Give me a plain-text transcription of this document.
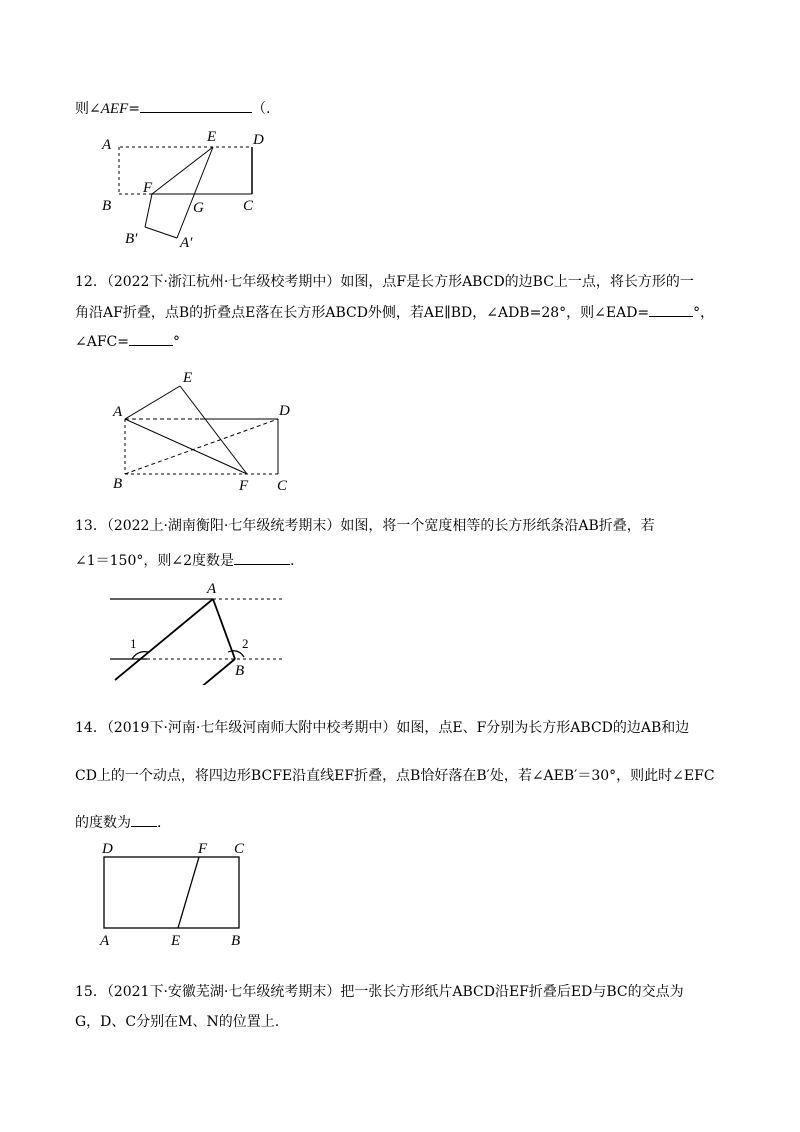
则∠AEF=	（.
A	E D
F
B	G	C
B′	A′
12．（2022下·浙江杭州·七年级校考期中）如图，点F是长方形ABCD的边BC上一点，将长方形的一
角沿AF折叠，点B的折叠点E落在长方形ABCD外侧，若AE∥BD，∠ADB=28°，则∠EAD=	°，
∠AFC=	°
E
A	D
B	F C
13．（2022上·湖南衡阳·七年级统考期末）如图，将一个宽度相等的长方形纸条沿AB折叠，若
∠1＝150°，则∠2度数是	.
A
B
1	2
14．（2019下·河南·七年级河南师大附中校考期中）如图，点E、F分别为长方形ABCD的边AB和边
CD上的一个动点，将四边形BCFE沿直线EF折叠，点B恰好落在B′处，若∠AEB′＝30°，则此时∠EFC
的度数为 .
D	F C
A	E	B
15．（2021下·安徽芜湖·七年级统考期末）把一张长方形纸片ABCD沿EF折叠后ED与BC的交点为
G，D、C分别在M、N的位置上.
